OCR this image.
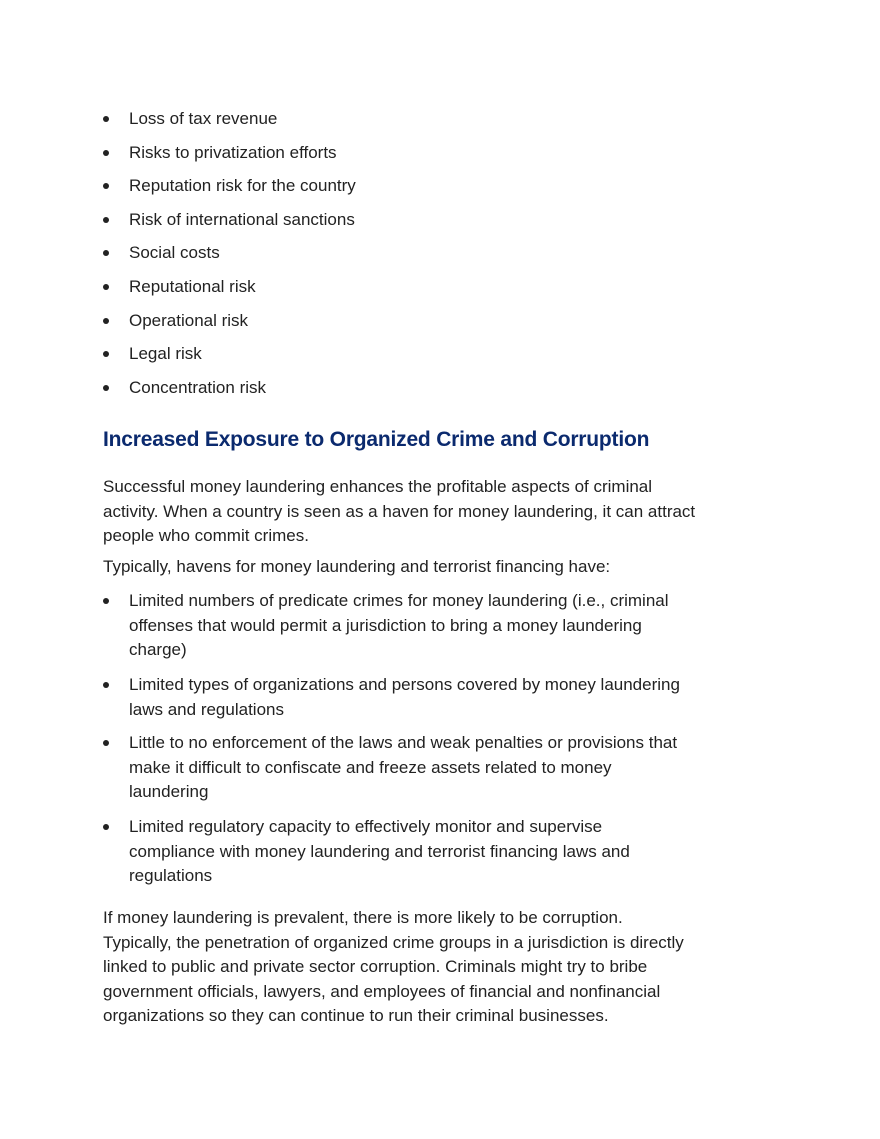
Loss of tax revenue
Risks to privatization efforts
Reputation risk for the country
Risk of international sanctions
Social costs
Reputational risk
Operational risk
Legal risk
Concentration risk
Successful money laundering enhances the profitable aspects of criminal
activity. When a country is seen as a haven for money laundering, it can attract
people who commit crimes.
Typically, havens for money laundering and terrorist financing have:
Limited numbers of predicate crimes for money laundering (i.e., criminal
offenses that would permit a jurisdiction to bring a money laundering
charge)
Limited types of organizations and persons covered by money laundering
laws and regulations
Little to no enforcement of the laws and weak penalties or provisions that
make it difficult to confiscate and freeze assets related to money
laundering
Limited regulatory capacity to effectively monitor and supervise
compliance with money laundering and terrorist financing laws and
regulations
If money laundering is prevalent, there is more likely to be corruption.
Typically, the penetration of organized crime groups in a jurisdiction is directly
linked to public and private sector corruption. Criminals might try to bribe
government officials, lawyers, and employees of financial and nonfinancial
organizations so they can continue to run their criminal businesses.
Increased Exposure to Organized Crime and Corruption
